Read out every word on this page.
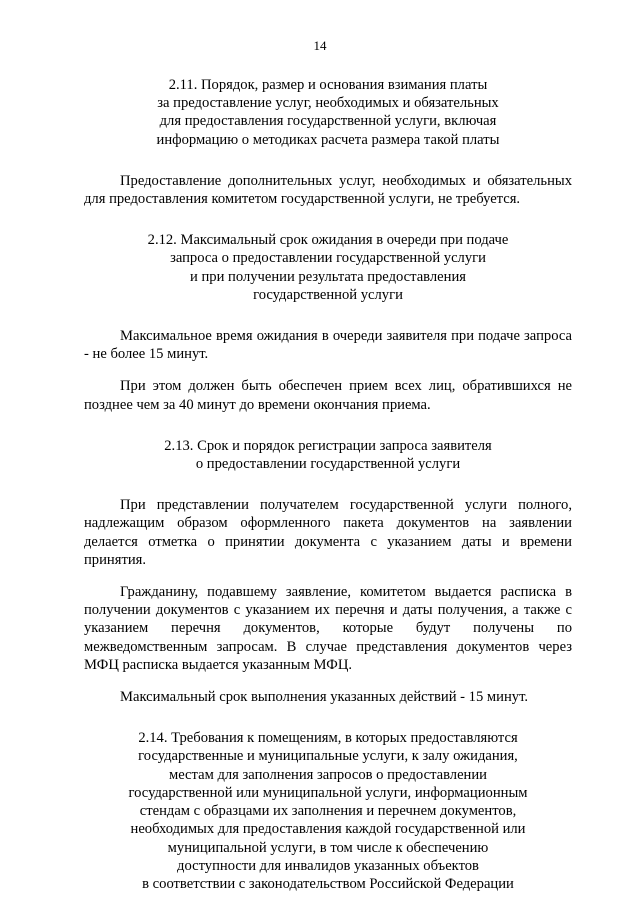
14
2.11. Порядок, размер и основания взимания платы
за предоставление услуг, необходимых и обязательных
для предоставления государственной услуги, включая
информацию о методиках расчета размера такой платы

Предоставление дополнительных услуг, необходимых и обязательных для предоставления комитетом государственной услуги, не требуется.

2.12. Максимальный срок ожидания в очереди при подаче
запроса о предоставлении государственной услуги
и при получении результата предоставления
государственной услуги

Максимальное время ожидания в очереди заявителя при подаче запроса - не более 15 минут.

При этом должен быть обеспечен прием всех лиц, обратившихся не позднее чем за 40 минут до времени окончания приема.

2.13. Срок и порядок регистрации запроса заявителя
о предоставлении государственной услуги

При представлении получателем государственной услуги полного, надлежащим образом оформленного пакета документов на заявлении делается отметка о принятии документа с указанием даты и времени принятия.

Гражданину, подавшему заявление, комитетом выдается расписка в получении документов с указанием их перечня и даты получения, а также с указанием перечня документов, которые будут получены по межведомственным запросам. В случае представления документов через МФЦ расписка выдается указанным МФЦ.

Максимальный срок выполнения указанных действий - 15 минут.

2.14. Требования к помещениям, в которых предоставляются
государственные и муниципальные услуги, к залу ожидания,
местам для заполнения запросов о предоставлении
государственной или муниципальной услуги, информационным
стендам с образцами их заполнения и перечнем документов,
необходимых для предоставления каждой государственной или
муниципальной услуги, в том числе к обеспечению
доступности для инвалидов указанных объектов
в соответствии с законодательством Российской Федерации
